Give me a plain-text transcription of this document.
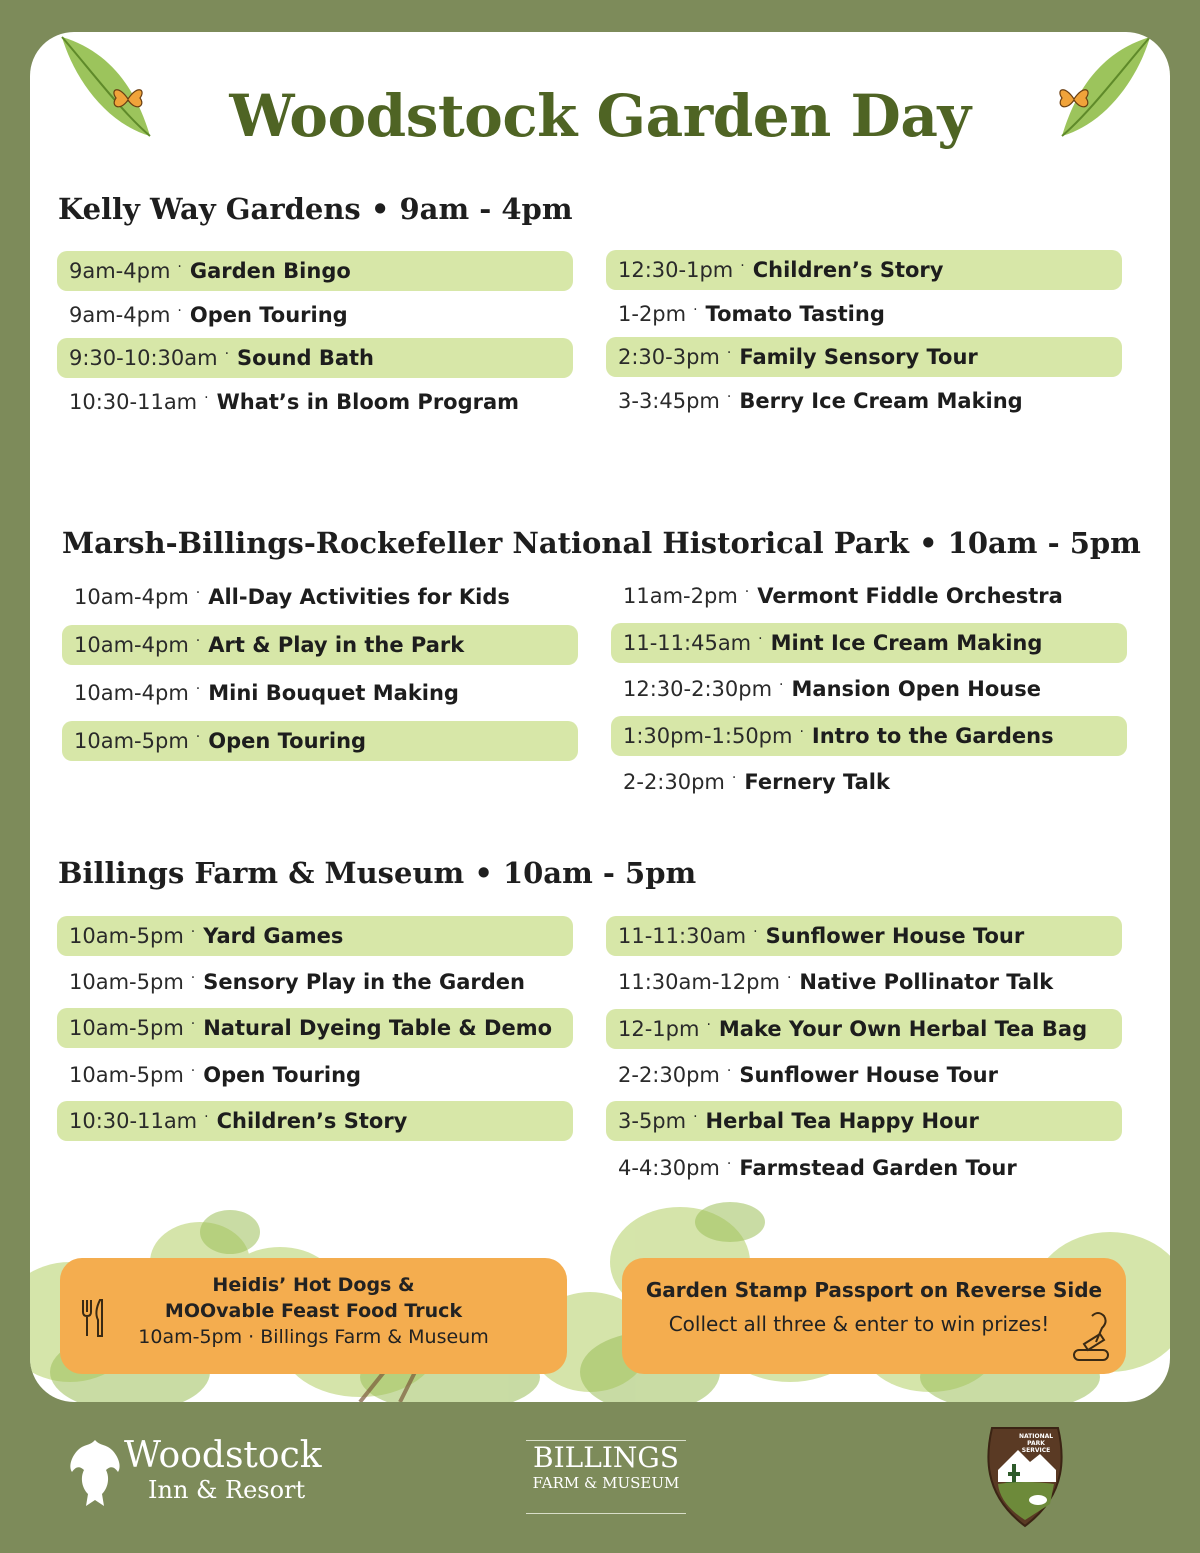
Woodstock Garden Day
Kelly Way Gardens • 9am - 4pm
Marsh-Billings-Rockefeller National Historical Park • 10am - 5pm
Billings Farm & Museum • 10am - 5pm
9am-4pm · Garden Bingo
9am-4pm · Open Touring
9:30-10:30am · Sound Bath
10:30-11am · What’s in Bloom Program
12:30-1pm · Children’s Story
1-2pm · Tomato Tasting
2:30-3pm · Family Sensory Tour
3-3:45pm · Berry Ice Cream Making
10am-4pm · All-Day Activities for Kids
10am-4pm · Art & Play in the Park
10am-4pm · Mini Bouquet Making
10am-5pm · Open Touring
11am-2pm · Vermont Fiddle Orchestra
11-11:45am · Mint Ice Cream Making
12:30-2:30pm · Mansion Open House
1:30pm-1:50pm · Intro to the Gardens
2-2:30pm · Fernery Talk
10am-5pm · Yard Games
10am-5pm · Sensory Play in the Garden
10am-5pm · Natural Dyeing Table & Demo
10am-5pm · Open Touring
10:30-11am · Children’s Story
11-11:30am · Sunflower House Tour
11:30am-12pm · Native Pollinator Talk
12-1pm · Make Your Own Herbal Tea Bag
2-2:30pm · Sunflower House Tour
3-5pm · Herbal Tea Happy Hour
4-4:30pm · Farmstead Garden Tour
Heidis’ Hot Dogs &
MOOvable Feast Food Truck
10am-5pm · Billings Farm & Museum
Garden Stamp Passport on Reverse Side
Collect all three & enter to win prizes!
Woodstock
Inn & Resort
BILLINGS
FARM & MUSEUM
NATIONAL
PARK
SERVICE
